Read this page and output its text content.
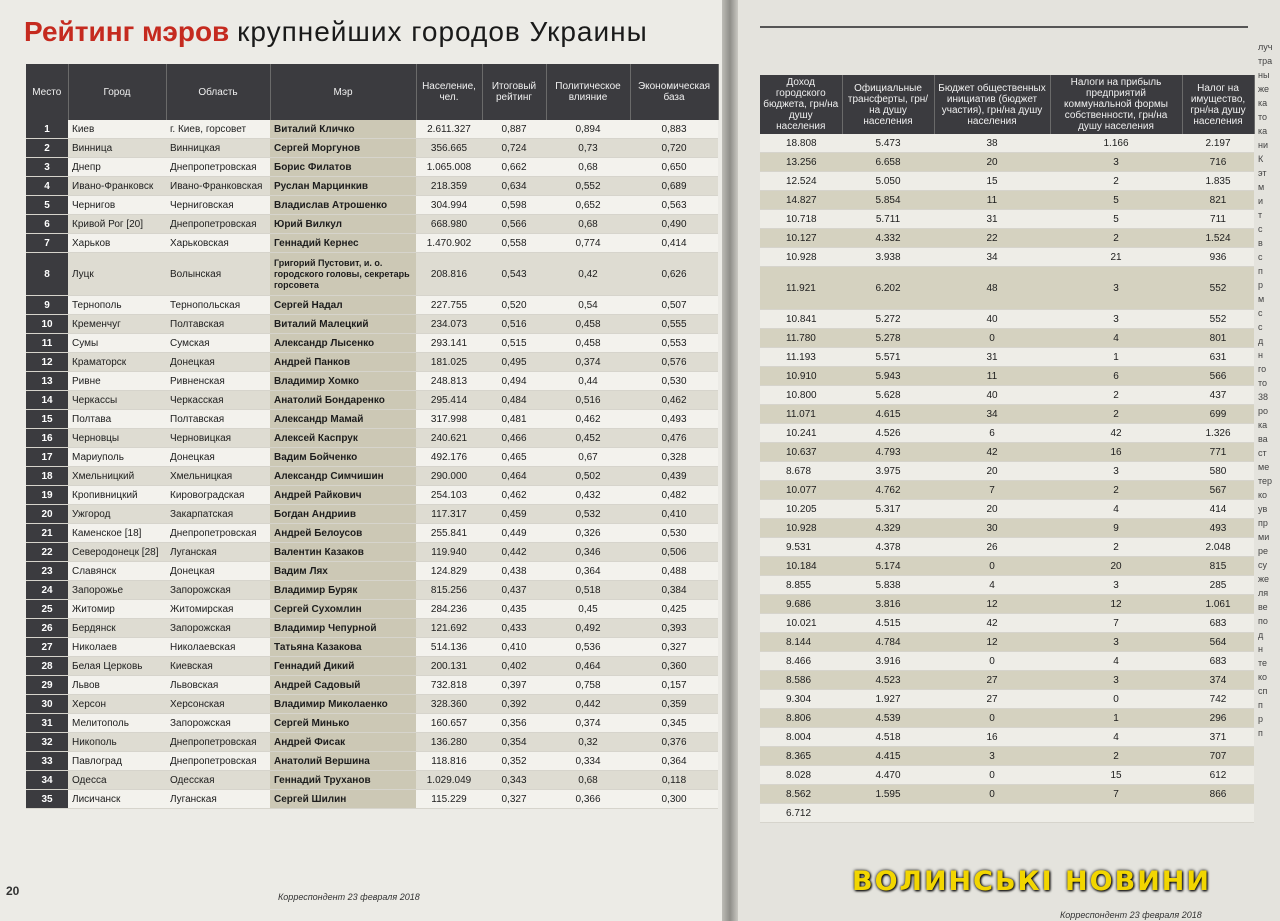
Рейтинг мэров крупнейших городов Украины
Место	Город	Область	Мэр	Население, чел.	Итоговый рейтинг	Политическое влияние	Экономическая база
1	Киев	г. Киев, горсовет	Виталий Кличко	2.611.327	0,887	0,894	0,883
2	Винница	Винницкая	Сергей Моргунов	356.665	0,724	0,73	0,720
3	Днепр	Днепропетровская	Борис Филатов	1.065.008	0,662	0,68	0,650
4	Ивано-Франковск	Ивано-Франковская	Руслан Марцинкив	218.359	0,634	0,552	0,689
5	Чернигов	Черниговская	Владислав Атрошенко	304.994	0,598	0,652	0,563
6	Кривой Рог [20]	Днепропетровская	Юрий Вилкул	668.980	0,566	0,68	0,490
7	Харьков	Харьковская	Геннадий Кернес	1.470.902	0,558	0,774	0,414
8	Луцк	Волынская	Григорий Пустовит, и. о. городского головы, секретарь горсовета	208.816	0,543	0,42	0,626
9	Тернополь	Тернопольская	Сергей Надал	227.755	0,520	0,54	0,507
10	Кременчуг	Полтавская	Виталий Малецкий	234.073	0,516	0,458	0,555
11	Сумы	Сумская	Александр Лысенко	293.141	0,515	0,458	0,553
12	Краматорск	Донецкая	Андрей Панков	181.025	0,495	0,374	0,576
13	Ривне	Ривненская	Владимир Хомко	248.813	0,494	0,44	0,530
14	Черкассы	Черкасская	Анатолий Бондаренко	295.414	0,484	0,516	0,462
15	Полтава	Полтавская	Александр Мамай	317.998	0,481	0,462	0,493
16	Черновцы	Черновицкая	Алексей Каспрук	240.621	0,466	0,452	0,476
17	Мариуполь	Донецкая	Вадим Бойченко	492.176	0,465	0,67	0,328
18	Хмельницкий	Хмельницкая	Александр Симчишин	290.000	0,464	0,502	0,439
19	Кропивницкий	Кировоградская	Андрей Райкович	254.103	0,462	0,432	0,482
20	Ужгород	Закарпатская	Богдан Андриив	117.317	0,459	0,532	0,410
21	Каменское [18]	Днепропетровская	Андрей Белоусов	255.841	0,449	0,326	0,530
22	Северодонецк [28]	Луганская	Валентин Казаков	119.940	0,442	0,346	0,506
23	Славянск	Донецкая	Вадим Лях	124.829	0,438	0,364	0,488
24	Запорожье	Запорожская	Владимир Буряк	815.256	0,437	0,518	0,384
25	Житомир	Житомирская	Сергей Сухомлин	284.236	0,435	0,45	0,425
26	Бердянск	Запорожская	Владимир Чепурной	121.692	0,433	0,492	0,393
27	Николаев	Николаевская	Татьяна Казакова	514.136	0,410	0,536	0,327
28	Белая Церковь	Киевская	Геннадий Дикий	200.131	0,402	0,464	0,360
29	Львов	Львовская	Андрей Садовый	732.818	0,397	0,758	0,157
30	Херсон	Херсонская	Владимир Миколаенко	328.360	0,392	0,442	0,359
31	Мелитополь	Запорожская	Сергей Минько	160.657	0,356	0,374	0,345
32	Никополь	Днепропетровская	Андрей Фисак	136.280	0,354	0,32	0,376
33	Павлоград	Днепропетровская	Анатолий Вершина	118.816	0,352	0,334	0,364
34	Одесса	Одесская	Геннадий Труханов	1.029.049	0,343	0,68	0,118
35	Лисичанск	Луганская	Сергей Шилин	115.229	0,327	0,366	0,300
20	Корреспондент 23 февраля 2018
Доход городского бюджета, грн/на душу населения	Официальные трансферты, грн/на душу населения	Бюджет общественных инициатив (бюджет участия), грн/на душу населения	Налоги на прибыль предприятий коммунальной формы собственности, грн/на душу населения	Налог на имущество, грн/на душу населения
18.808	5.473	38	1.166	2.197
13.256	6.658	20	3	716
12.524	5.050	15	2	1.835
14.827	5.854	11	5	821
10.718	5.711	31	5	711
10.127	4.332	22	2	1.524
10.928	3.938	34	21	936
11.921	6.202	48	3	552
10.841	5.272	40	3	552
11.780	5.278	0	4	801
11.193	5.571	31	1	631
10.910	5.943	11	6	566
10.800	5.628	40	2	437
11.071	4.615	34	2	699
10.241	4.526	6	42	1.326
10.637	4.793	42	16	771
8.678	3.975	20	3	580
10.077	4.762	7	2	567
10.205	5.317	20	4	414
10.928	4.329	30	9	493
9.531	4.378	26	2	2.048
10.184	5.174	0	20	815
8.855	5.838	4	3	285
9.686	3.816	12	12	1.061
10.021	4.515	42	7	683
8.144	4.784	12	3	564
8.466	3.916	0	4	683
8.586	4.523	27	3	374
9.304	1.927	27	0	742
8.806	4.539	0	1	296
8.004	4.518	16	4	371
8.365	4.415	3	2	707
8.028	4.470	0	15	612
8.562	1.595	0	7	866
6.712				
луч
тра
ны
же
ка
то
ка
ни
К
эт
м
и
т
с
в
с
п
р
м
с
с
д
н
го
то
38
ро
ка
ва
ст
ме
тер
ко
ув
пр
ми
ре
су
же
ля
ве
по
д
н
те
ко
сп
п
р
п
Корреспондент 23 февраля 2018
ВОЛИНСЬКІ НОВИНИ
